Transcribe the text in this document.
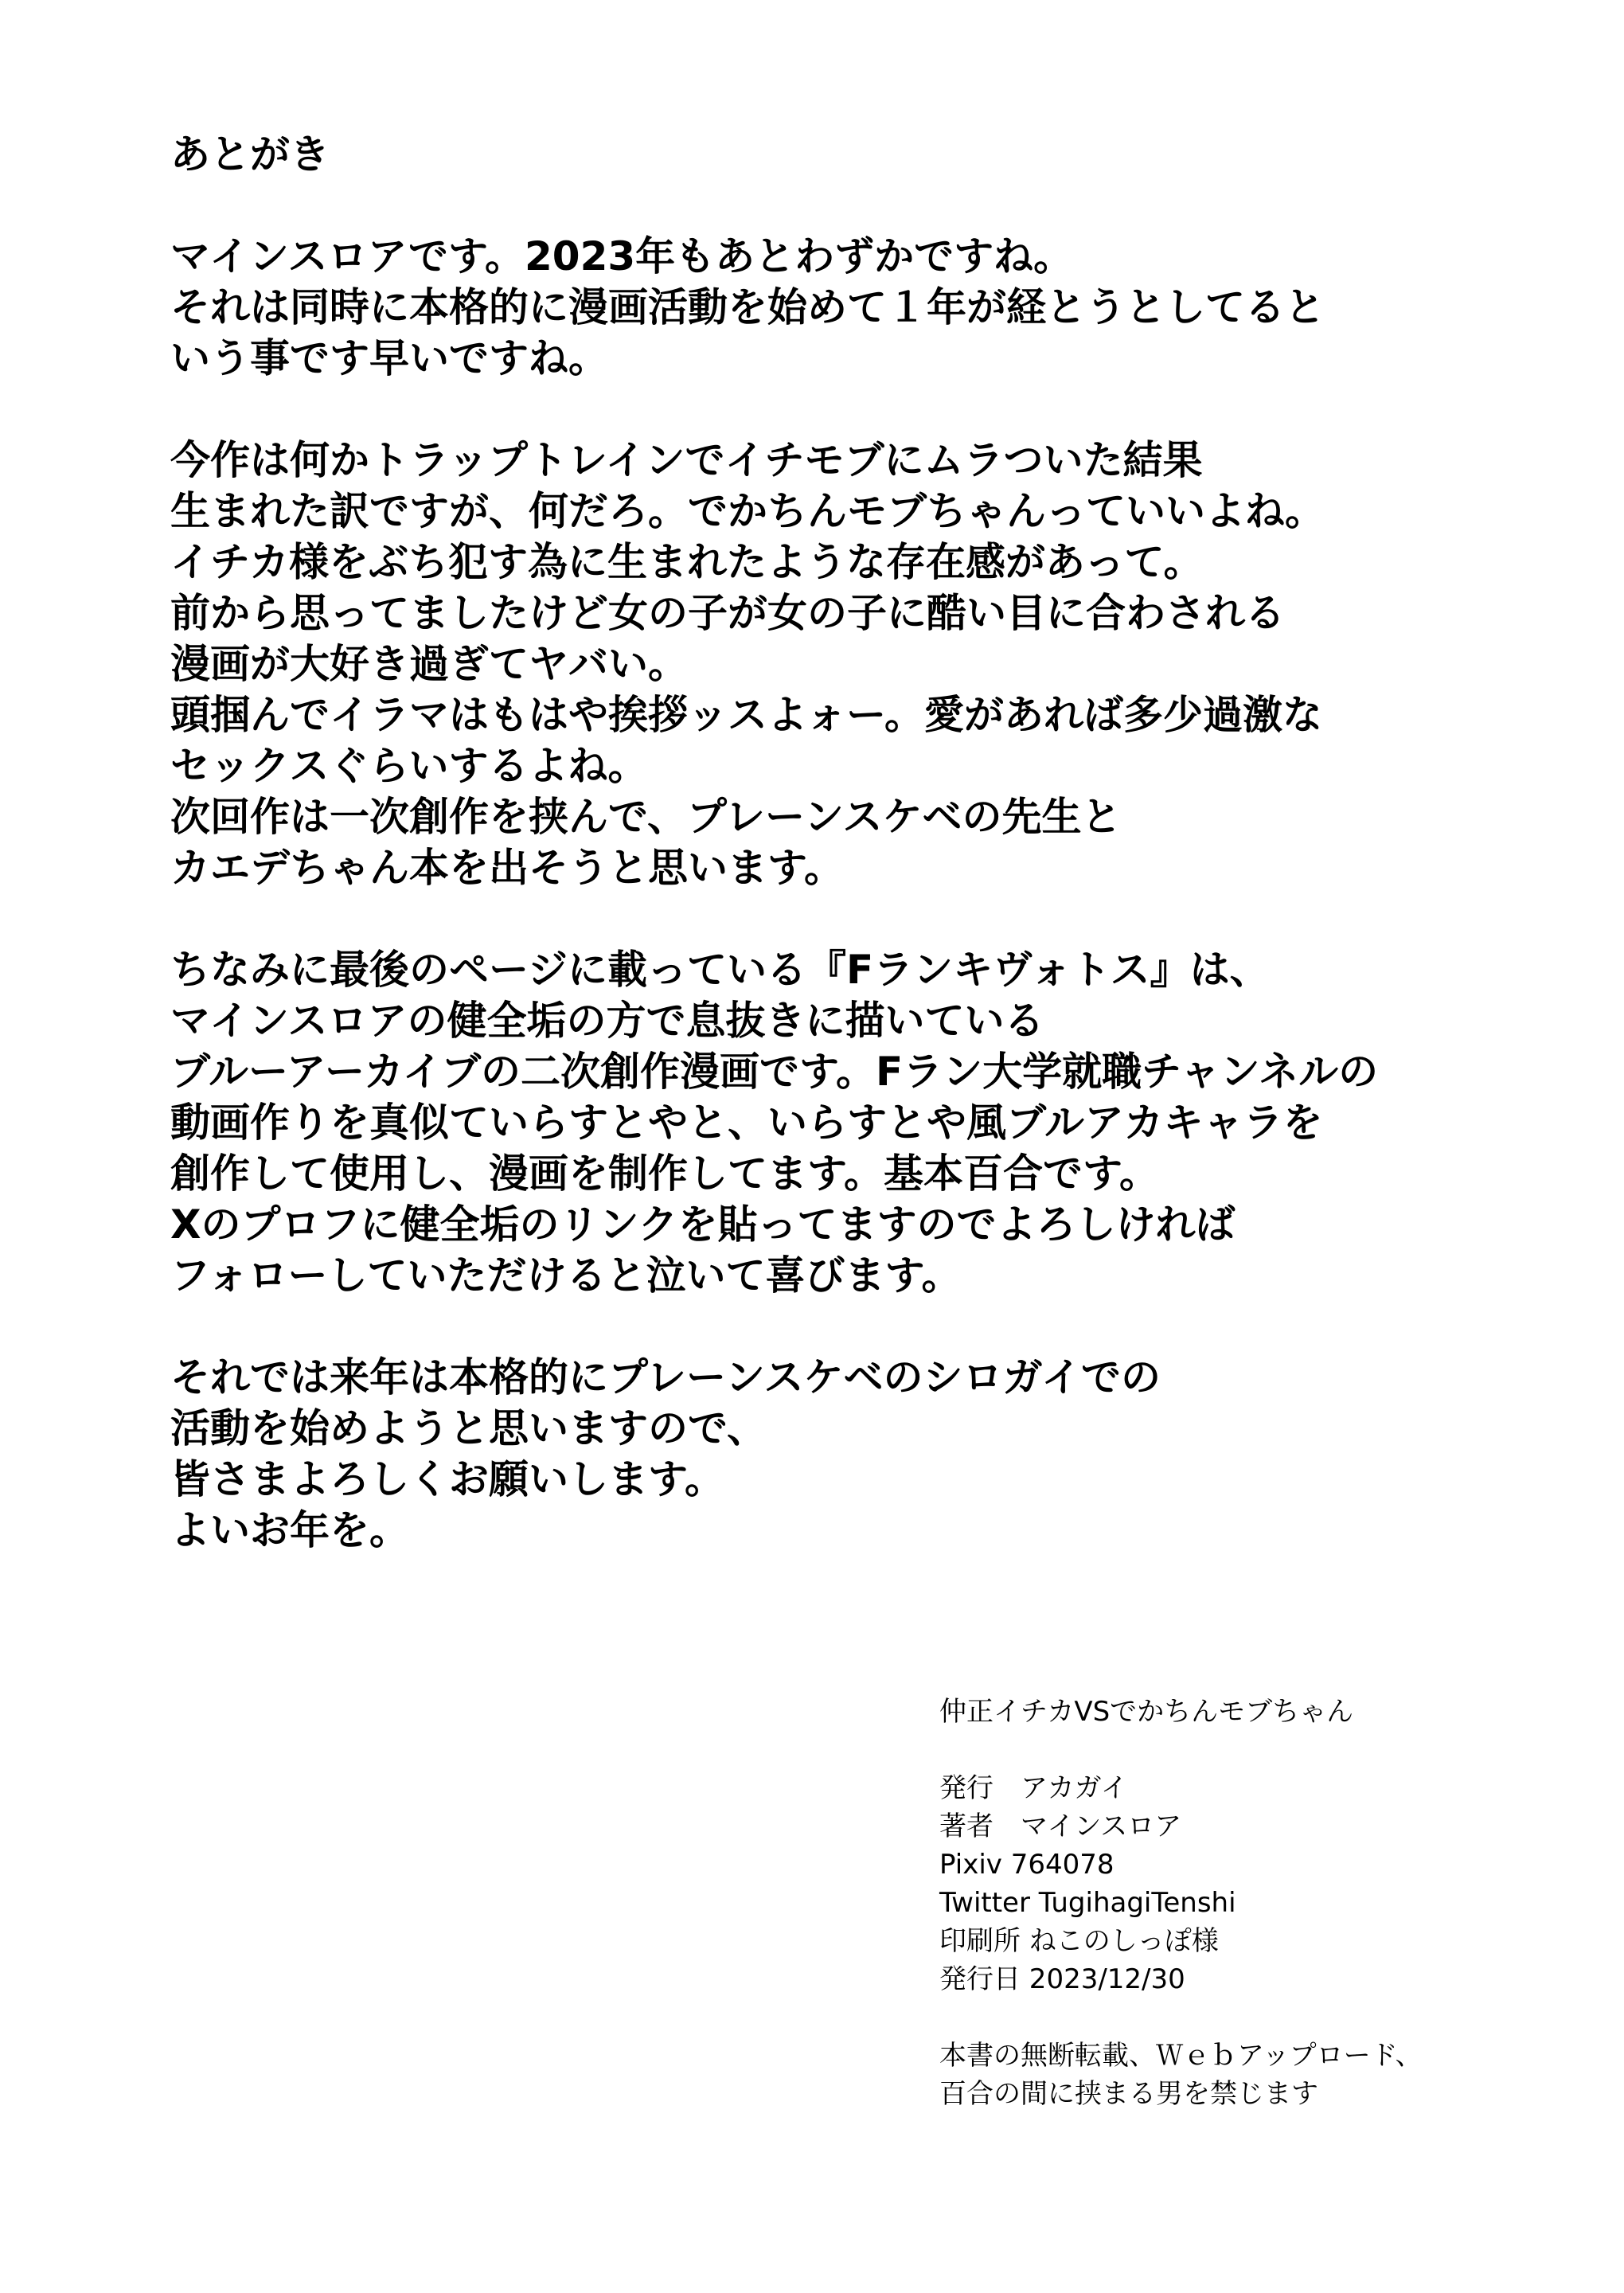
あとがき
マインスロアです。2023年もあとわずかですね。
それは同時に本格的に漫画活動を始めて１年が経とうとしてると
いう事です早いですね。
今作は何かトラップトレインでイチモブにムラついた結果
生まれた訳ですが、何だろ。でかちんモブちゃんっていいよね。
イチカ様をぶち犯す為に生まれたような存在感があって。
前から思ってましたけど女の子が女の子に酷い目に合わされる
漫画が大好き過ぎてヤバい。
頭掴んでイラマはもはや挨拶ッスよォー。愛があれば多少過激な
セックスぐらいするよね。
次回作は一次創作を挟んで、プレーンスケベの先生と
カエデちゃん本を出そうと思います。
ちなみに最後のページに載っている『Fランキヴォトス』は、
マインスロアの健全垢の方で息抜きに描いている
ブルーアーカイブの二次創作漫画です。Fラン大学就職チャンネルの
動画作りを真似ていらすとやと、いらすとや風ブルアカキャラを
創作して使用し、漫画を制作してます。基本百合です。
Xのプロフに健全垢のリンクを貼ってますのでよろしければ
フォローしていただけると泣いて喜びます。
それでは来年は本格的にプレーンスケベのシロガイでの
活動を始めようと思いますので、
皆さまよろしくお願いします。
よいお年を。
仲正イチカVSでかちんモブちゃん
発行　アカガイ
著者　マインスロア
Pixiv 764078
Twitter TugihagiTenshi
印刷所 ねこのしっぽ様
発行日 2023/12/30
本書の無断転載、Ｗｅｂアップロード、
百合の間に挟まる男を禁じます
